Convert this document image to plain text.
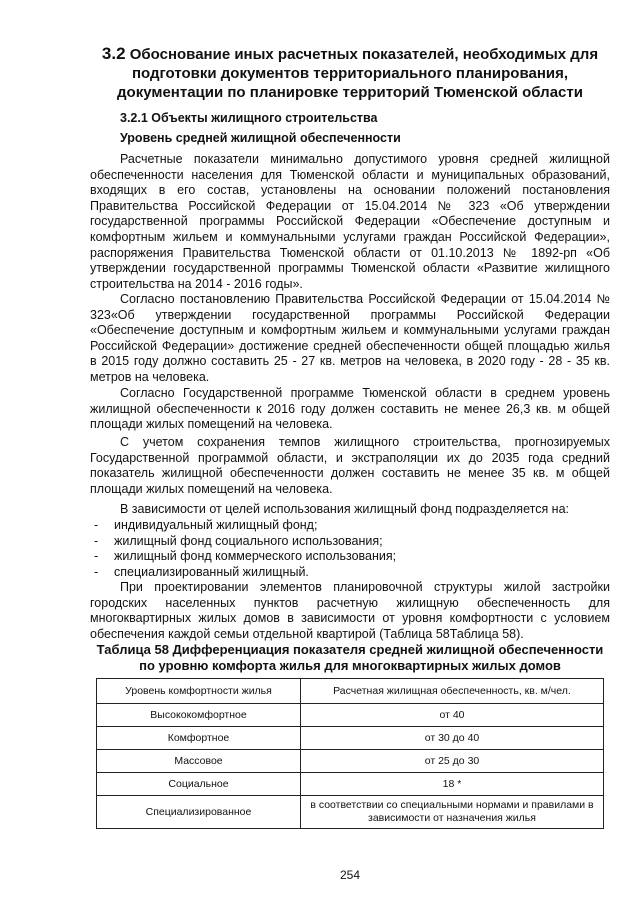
3.2 Обоснование иных расчетных показателей, необходимых для подготовки документов территориального планирования, документации по планировке территорий Тюменской области
3.2.1 Объекты жилищного строительства
Уровень средней жилищной обеспеченности

Расчетные показатели минимально допустимого уровня средней жилищной обеспеченности населения для Тюменской области и муниципальных образований, входящих в его состав, установлены на основании положений постановления Правительства Российской Федерации от 15.04.2014 № 323 «Об утверждении государственной программы Российской Федерации «Обеспечение доступным и комфортным жильем и коммунальными услугами граждан Российской Федерации», распоряжения Правительства Тюменской области от 01.10.2013 № 1892-рп «Об утверждении государственной программы Тюменской области «Развитие жилищного строительства на 2014 - 2016 годы».

Согласно постановлению Правительства Российской Федерации от 15.04.2014 № 323«Об утверждении государственной программы Российской Федерации «Обеспечение доступным и комфортным жильем и коммунальными услугами граждан Российской Федерации» достижение средней обеспеченности общей площадью жилья в 2015 году должно составить 25 - 27 кв. метров на человека, в 2020 году - 28 - 35 кв. метров на человека.

Согласно Государственной программе Тюменской области в среднем уровень жилищной обеспеченности к 2016 году должен составить не менее 26,3 кв. м общей площади жилых помещений на человека.

С учетом сохранения темпов жилищного строительства, прогнозируемых Государственной программой области, и экстраполяции их до 2035 года средний показатель жилищной обеспеченности должен составить не менее 35 кв. м общей площади жилых помещений на человека.

В зависимости от целей использования жилищный фонд подразделяется на:

- индивидуальный жилищный фонд;
- жилищный фонд социального использования;
- жилищный фонд коммерческого использования;
- специализированный жилищный.

При проектировании элементов планировочной структуры жилой застройки городских населенных пунктов расчетную жилищную обеспеченность для многоквартирных жилых домов в зависимости от уровня комфортности с условием обеспечения каждой семьи отдельной квартирой (Таблица 58Таблица 58).

Таблица 58 Дифференциация показателя средней жилищной обеспеченности по уровню комфорта жилья для многоквартирных жилых домов
Уровень комфортности жилья	Расчетная жилищная обеспеченность, кв. м/чел.
Высококомфортное	от 40
Комфортное	от 30 до 40
Массовое	от 25 до 30
Социальное	18 *
Специализированное	в соответствии со специальными нормами и правилами в зависимости от назначения жилья
254
